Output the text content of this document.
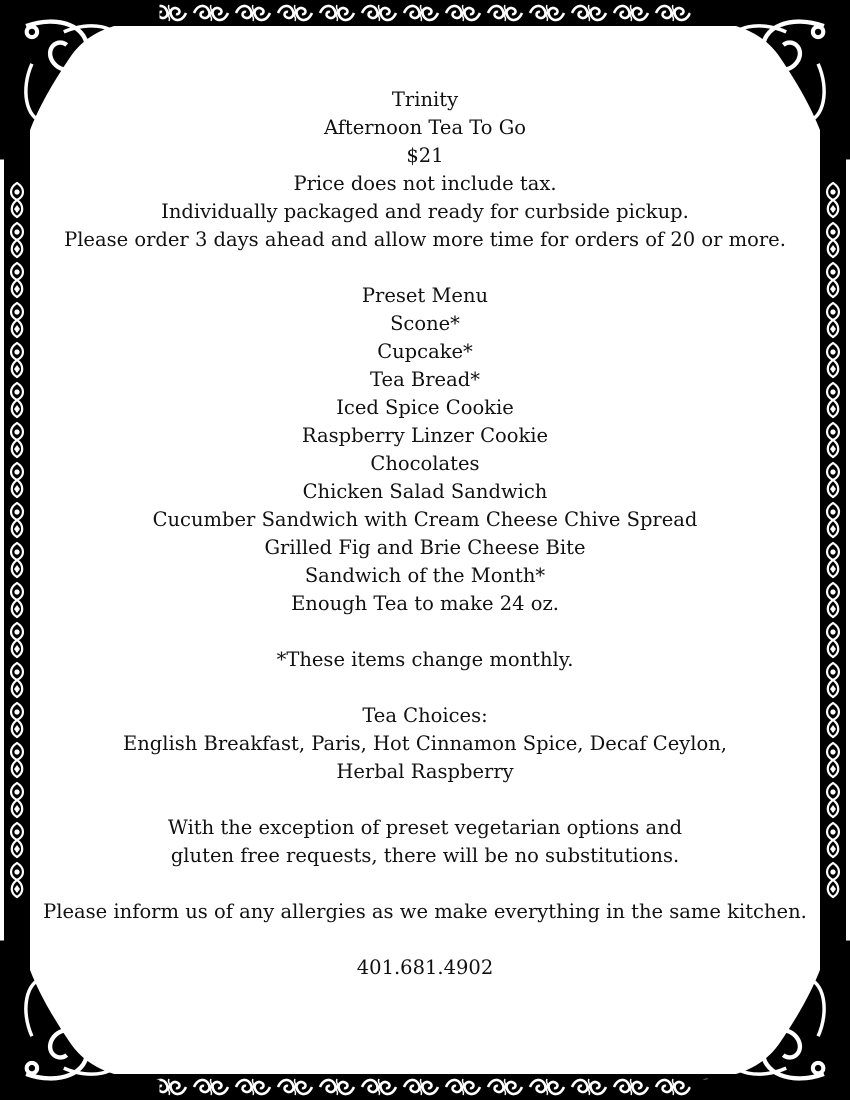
Trinity

Afternoon Tea To Go

$21

Price does not include tax.

Individually packaged and ready for curbside pickup.

Please order 3 days ahead and allow more time for orders of 20 or more.

Preset Menu

Scone*
Cupcake*
Tea Bread*
Iced Spice Cookie
Raspberry Linzer Cookie
Chocolates
Chicken Salad Sandwich
Cucumber Sandwich with Cream Cheese Chive Spread
Grilled Fig and Brie Cheese Bite
Sandwich of the Month*
Enough Tea to make 24 oz.

*These items change monthly.

Tea Choices:

English Breakfast, Paris, Hot Cinnamon Spice, Decaf Ceylon,

Herbal Raspberry

With the exception of preset vegetarian options and

gluten free requests, there will be no substitutions.

Please inform us of any allergies as we make everything in the same kitchen.

401.681.4902
